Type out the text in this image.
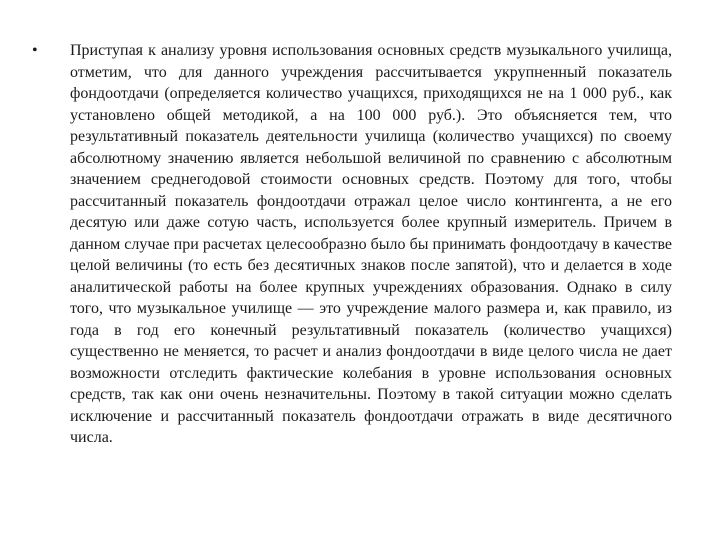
• Приступая к анализу уровня использования основных средств музыкального училища, отметим, что для данного учреждения рассчитывается укрупненный показатель фондоотдачи (определяется количество учащихся, приходящихся не на 1 000 руб., как установлено общей методикой, а на 100 000 руб.). Это объясняется тем, что результативный показатель деятельности училища (количество учащихся) по своему абсолютному значению является небольшой величиной по сравнению с абсолютным значением среднегодовой стоимости основных средств. Поэтому для того, чтобы рассчитанный показатель фондоотдачи отражал целое число контингента, а не его десятую или даже сотую часть, используется более крупный измеритель. Причем в данном случае при расчетах целесообразно было бы принимать фондоотдачу в качестве целой величины (то есть без десятичных знаков после запятой), что и делается в ходе аналитической работы на более крупных учреждениях образования. Однако в силу того, что музыкальное училище — это учреждение малого размера и, как правило, из года в год его конечный результативный показатель (количество учащихся) существенно не меняется, то расчет и анализ фондоотдачи в виде целого числа не дает возможности отследить фактические колебания в уровне использования основных средств, так как они очень незначительны. Поэтому в такой ситуации можно сделать исключение и рассчитанный показатель фондоотдачи отражать в виде десятичного числа.
